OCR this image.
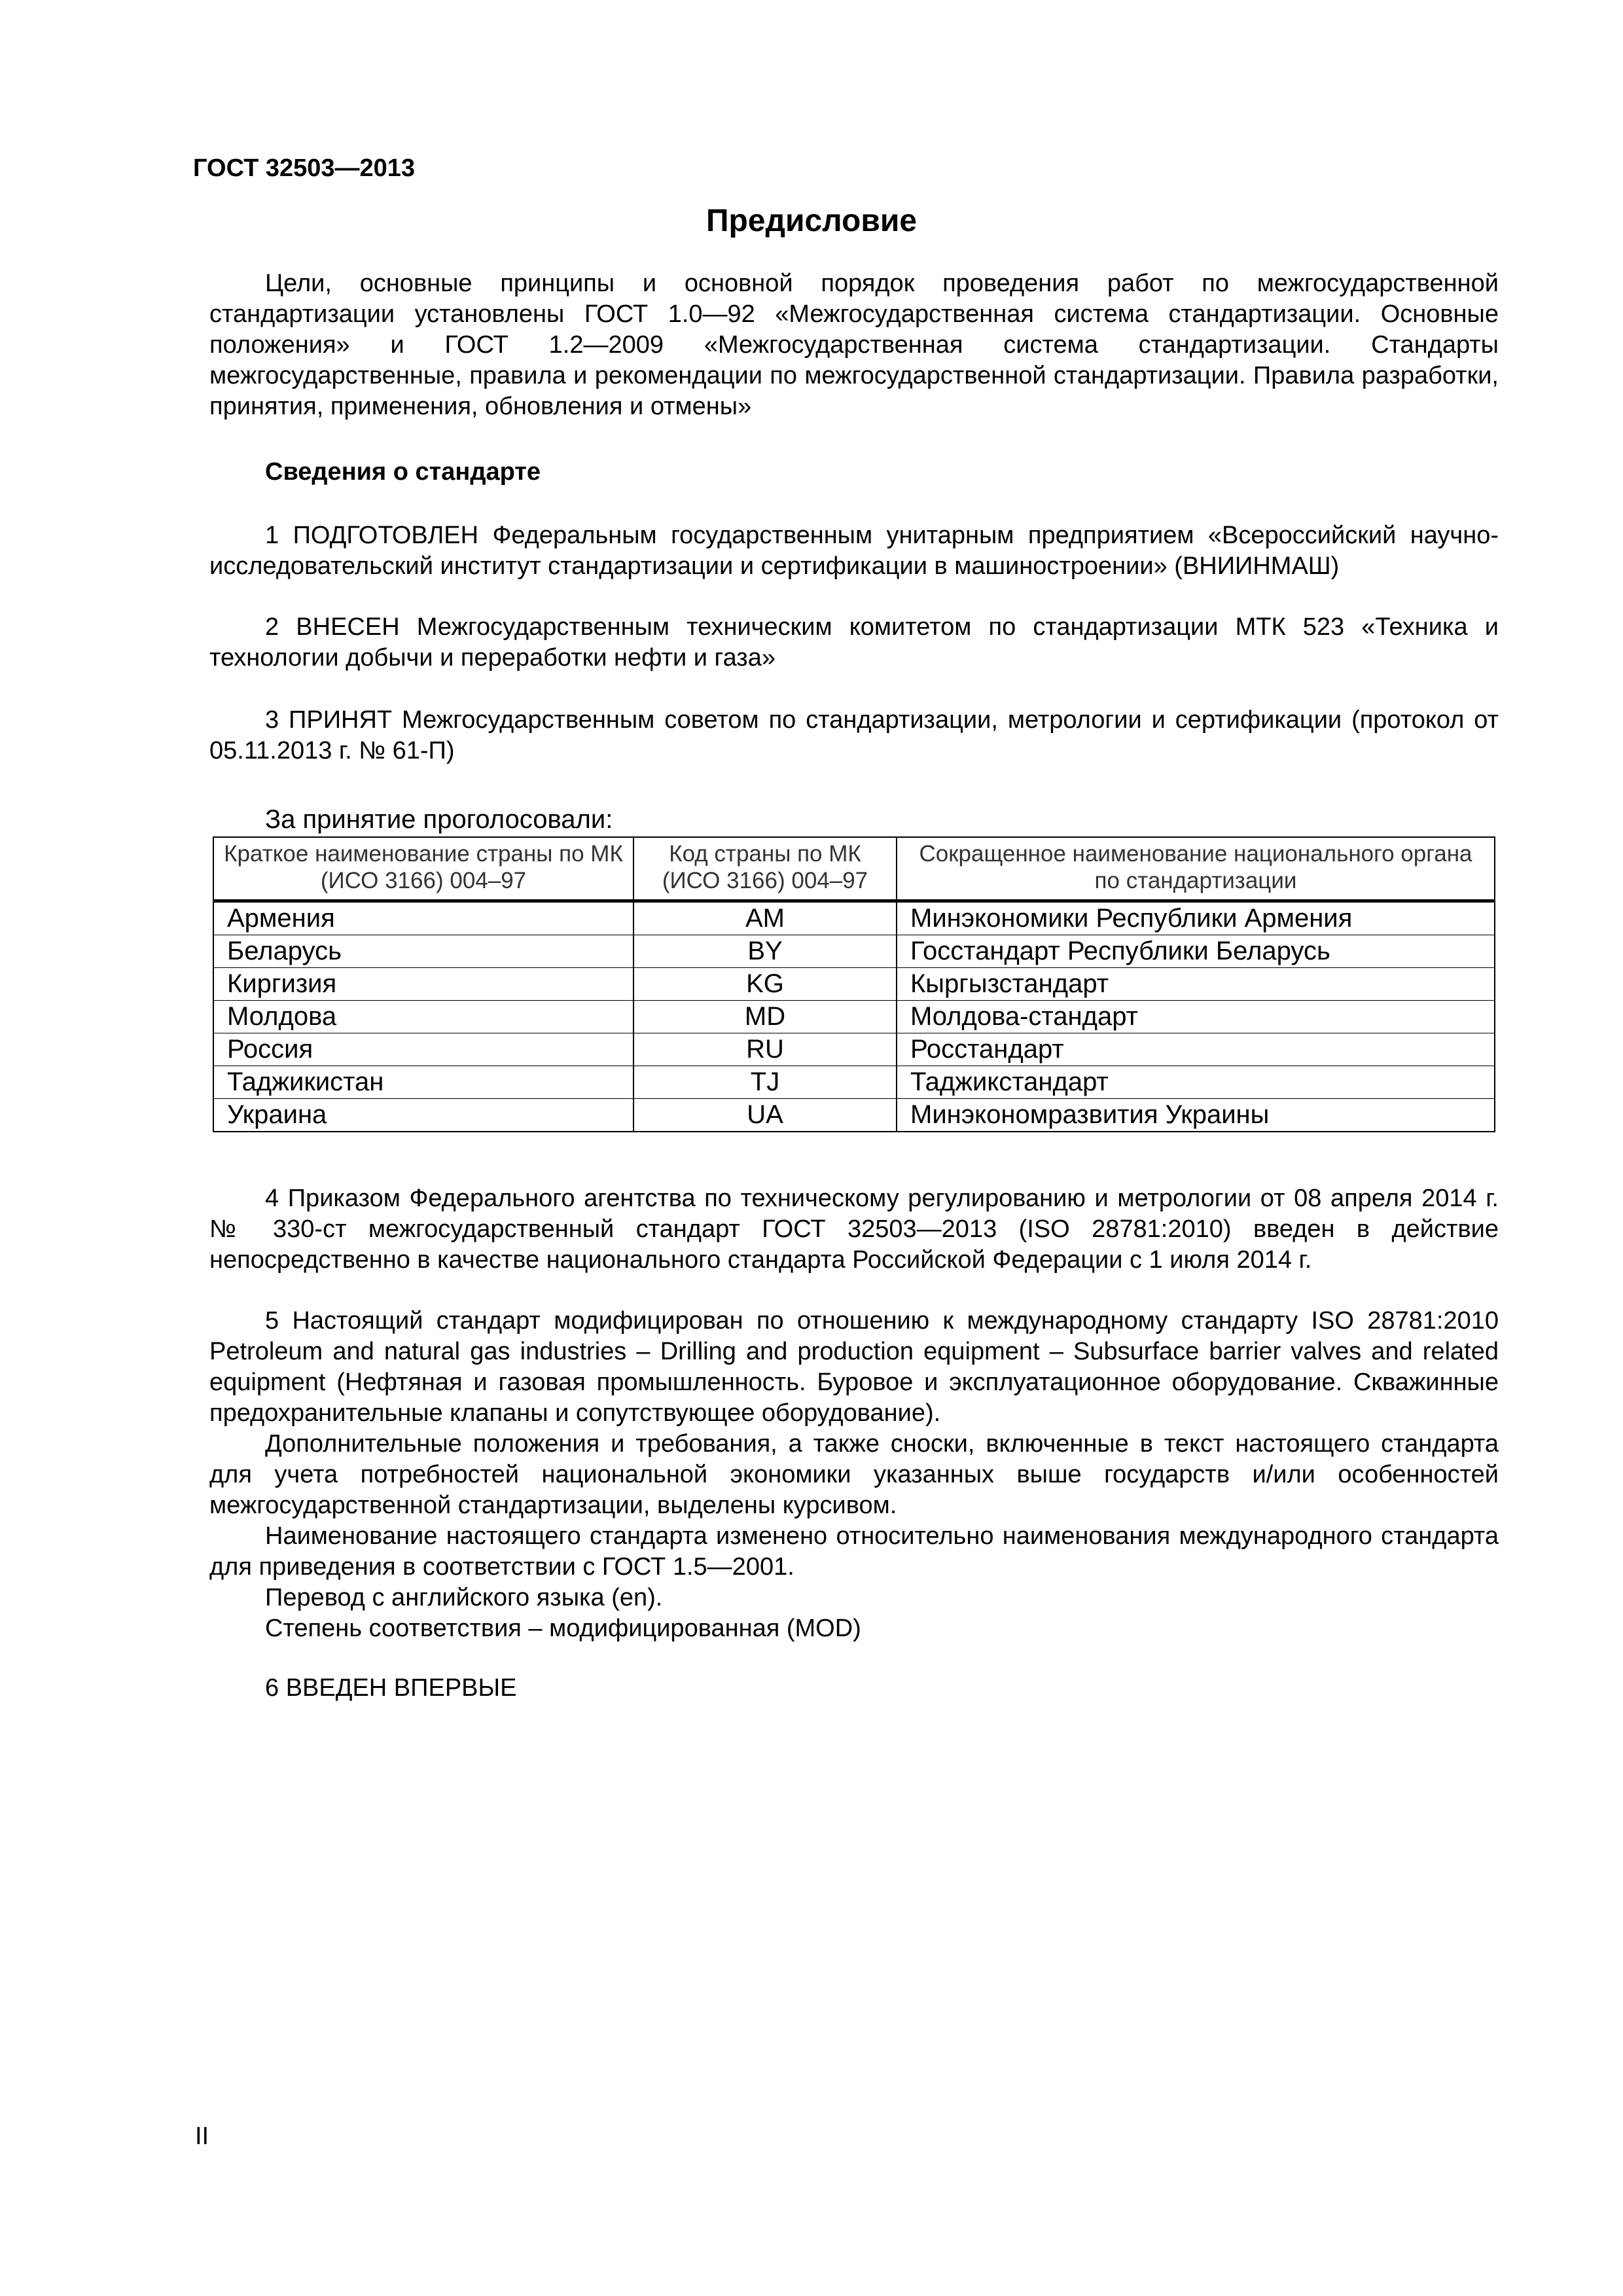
ГОСТ 32503—2013
Предисловие

Цели, основные принципы и основной порядок проведения работ по межгосударственной стандартизации установлены ГОСТ 1.0—92 «Межгосударственная система стандартизации. Основные положения» и ГОСТ 1.2—2009 «Межгосударственная система стандартизации. Стандарты межгосударственные, правила и рекомендации по межгосударственной стандартизации. Правила разработки, принятия, применения, обновления и отмены»

Сведения о стандарте

1 ПОДГОТОВЛЕН Федеральным государственным унитарным предприятием «Всероссийский научно-исследовательский институт стандартизации и сертификации в машиностроении» (ВНИИНМАШ)

2 ВНЕСЕН Межгосударственным техническим комитетом по стандартизации МТК 523 «Техника и технологии добычи и переработки нефти и газа»

3 ПРИНЯТ Межгосударственным советом по стандартизации, метрологии и сертификации (протокол от 05.11.2013 г. № 61-П)

За принятие проголосовали:
Краткое наименование страны по МК (ИСО 3166) 004–97	Код страны по МК (ИСО 3166) 004–97	Сокращенное наименование национального органа по стандартизации
Армения	AM	Минэкономики Республики Армения
Беларусь	BY	Госстандарт Республики Беларусь
Киргизия	KG	Кыргызстандарт
Молдова	MD	Молдова-стандарт
Россия	RU	Росстандарт
Таджикистан	TJ	Таджикстандарт
Украина	UA	Минэкономразвития Украины

4 Приказом Федерального агентства по техническому регулированию и метрологии от 08 апреля 2014 г. № 330-ст межгосударственный стандарт ГОСТ 32503—2013 (ISO 28781:2010) введен в действие непосредственно в качестве национального стандарта Российской Федерации с 1 июля 2014 г.

5 Настоящий стандарт модифицирован по отношению к международному стандарту ISO 28781:2010 Petroleum and natural gas industries – Drilling and production equipment – Subsurface barrier valves and related equipment (Нефтяная и газовая промышленность. Буровое и эксплуатационное оборудование. Скважинные предохранительные клапаны и сопутствующее оборудование).

Дополнительные положения и требования, а также сноски, включенные в текст настоящего стандарта для учета потребностей национальной экономики указанных выше государств и/или особенностей межгосударственной стандартизации, выделены курсивом.

Наименование настоящего стандарта изменено относительно наименования международного стандарта для приведения в соответствии с ГОСТ 1.5—2001.

Перевод с английского языка (en).

Степень соответствия – модифицированная (MOD)

6 ВВЕДЕН ВПЕРВЫЕ

II
